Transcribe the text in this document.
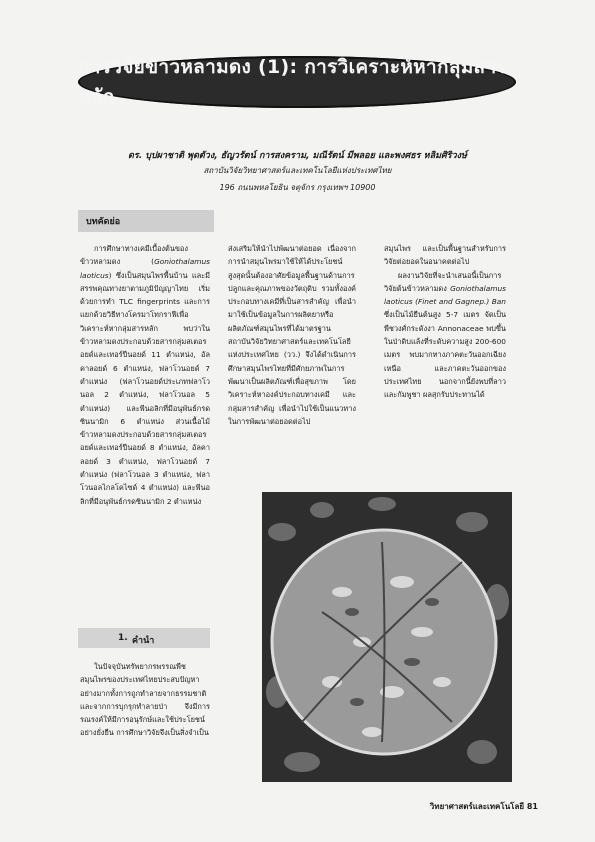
การวิจัยข้าวหลามดง (1): การวิเคราะห์หากลุ่มสารหลัก
ดร. บุปผาชาติ พุดตัวง, ธัญวรัตน์ การสงคราม, มณีรัตน์ มีพลอย และพงศธร หลิมศิริวงษ์
สถาบันวิจัยวิทยาศาสตร์และเทคโนโลยีแห่งประเทศไทย
196 ถนนพหลโยธิน จตุจักร กรุงเทพฯ 10900
บทคัดย่อ

การศึกษาทางเคมีเบื้องต้นของ ข้าวหลามดง (Goniothalamus laoticus) ซึ่งเป็นสมุนไพรพื้นบ้าน และมีสรรพคุณทางยาตามภูมิปัญญาไทย เริ่มด้วยการทำ TLC fingerprints และการแยกด้วยวิธีทางโครมาโทกราฟีเพื่อวิเคราะห์หากลุ่มสารหลัก พบว่าในข้าวหลามดงประกอบด้วยสารกลุ่มสเตอรอยด์และเทอร์ปีนอยด์ 11 ตำแหน่ง, อัลคาลอยด์ 6 ตำแหน่ง, ฟลาโวนอยด์ 7 ตำแหน่ง (ฟลาโวนอยด์ประเภทฟลาโวนอล 2 ตำแหน่ง, ฟลาโวนอล 5 ตำแหน่ง) และพีนอลิกที่มีอนุพันธ์กรดซินนามิก 6 ตำแหน่ง ส่วนเนื้อไม้ข้าวหลามดงประกอบด้วยสารกลุ่มสเตอรอยด์และเทอร์ปีนอยด์ 8 ตำแหน่ง, อัลคาลอยด์ 3 ตำแหน่ง, ฟลาโวนอยด์ 7 ตำแหน่ง (ฟลาโวนอล 3 ตำแหน่ง, ฟลาโวนอลไกลโคไซด์ 4 ตำแหน่ง) และพีนอลิกที่มีอนุพันธ์กรดซินนามิก 2 ตำแหน่ง

ส่งเสริมให้นำไปพัฒนาต่อยอด เนื่องจากการนำสมุนไพรมาใช้ให้ได้ประโยชน์สูงสุดนั้นต้องอาศัยข้อมูลพื้นฐานด้านการปลูกและคุณภาพของวัตถุดิบ รวมทั้งองค์ประกอบทางเคมีที่เป็นสารสำคัญ เพื่อนำมาใช้เป็นข้อมูลในการผลิตยาหรือผลิตภัณฑ์สมุนไพรที่ได้มาตรฐาน สถาบันวิจัยวิทยาศาสตร์และเทคโนโลยีแห่งประเทศไทย (วว.) จึงได้ดำเนินการศึกษาสมุนไพรไทยที่มีศักยภาพในการพัฒนาเป็นผลิตภัณฑ์เพื่อสุขภาพ โดยวิเคราะห์หาองค์ประกอบทางเคมี และกลุ่มสารสำคัญ เพื่อนำไปใช้เป็นแนวทางในการพัฒนาต่อยอดต่อไป

สมุนไพร และเป็นพื้นฐานสำหรับการวิจัยต่อยอดในอนาคตต่อไป

ผลงานวิจัยที่จะนำเสนอนี้เป็นการวิจัยต้นข้าวหลามดง Goniothalamus laoticus (Finet and Gagnep.) Ban ซึ่งเป็นไม้ยืนต้นสูง 5-7 เมตร จัดเป็นพืชวงศ์กระดังงา Annonaceae พบขึ้นในป่าดิบแล้งที่ระดับความสูง 200-600 เมตร พบมากทางภาคตะวันออกเฉียงเหนือ และภาคตะวันออกของประเทศไทย นอกจากนี้ยังพบที่ลาว และกัมพูชา ผลสุกรับประทานได้

1. คำนำ

ในปัจจุบันทรัพยากรพรรณพืชสมุนไพรของประเทศไทยประสบปัญหาอย่างมากทั้งการถูกทำลายจากธรรมชาติและจากการบุกรุกทำลายป่า จึงมีการรณรงค์ให้มีการอนุรักษ์และใช้ประโยชน์อย่างยั่งยืน การศึกษาวิจัยจึงเป็นสิ่งจำเป็น

วิทยาศาสตร์และเทคโนโลยี 81
